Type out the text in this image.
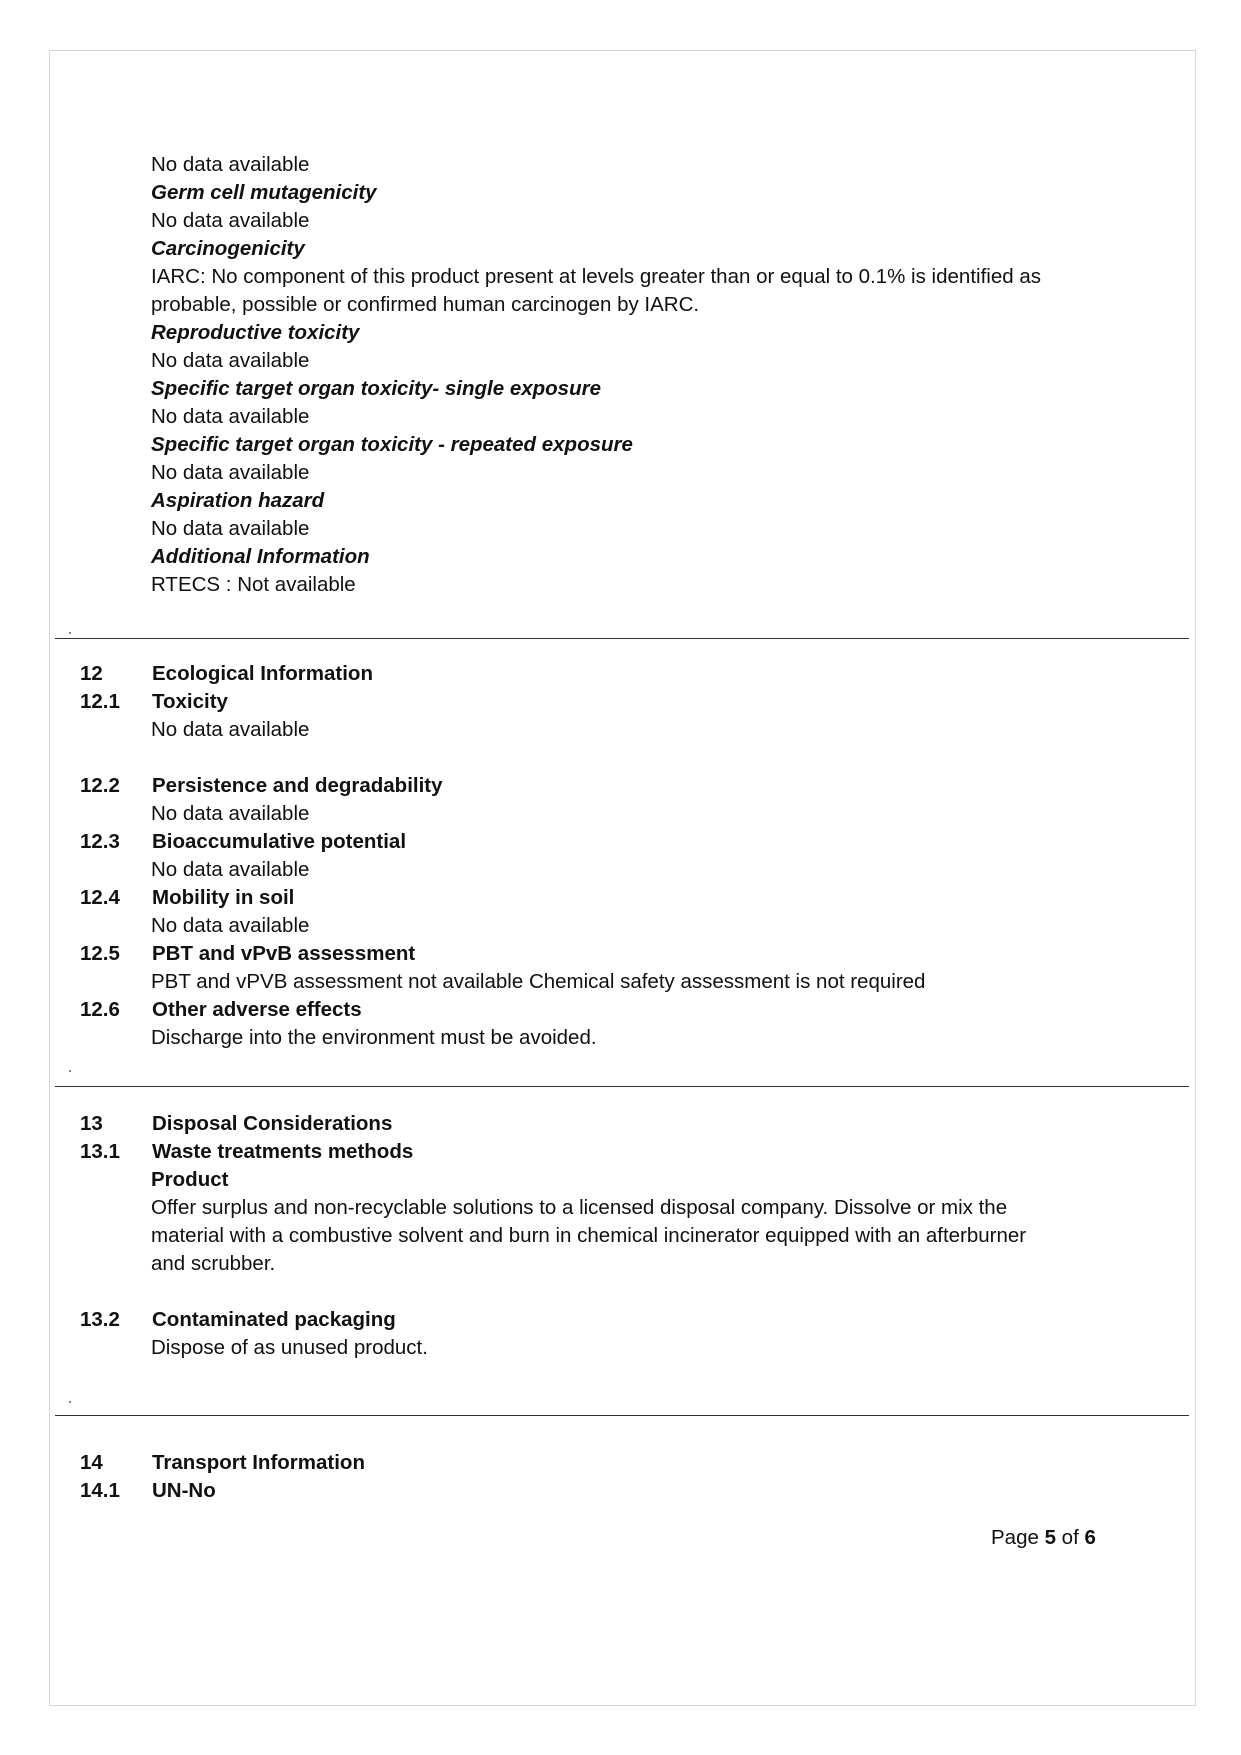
No data available
Germ cell mutagenicity
No data available
Carcinogenicity
IARC: No component of this product present at levels greater than or equal to 0.1% is identified as
probable, possible or confirmed human carcinogen by IARC.
Reproductive toxicity
No data available
Specific target organ toxicity- single exposure
No data available
Specific target organ toxicity - repeated exposure
No data available
Aspiration hazard
No data available
Additional Information
RTECS : Not available
12 Ecological Information
12.1 Toxicity
No data available
12.2 Persistence and degradability
No data available
12.3 Bioaccumulative potential
No data available
12.4 Mobility in soil
No data available
12.5 PBT and vPvB assessment
PBT and vPVB assessment not available Chemical safety assessment is not required
12.6 Other adverse effects
Discharge into the environment must be avoided.
13 Disposal Considerations
13.1 Waste treatments methods
Product
Offer surplus and non-recyclable solutions to a licensed disposal company. Dissolve or mix the
material with a combustive solvent and burn in chemical incinerator equipped with an afterburner
and scrubber.
13.2 Contaminated packaging
Dispose of as unused product.
14 Transport Information
14.1 UN-No
Page 5 of 6
